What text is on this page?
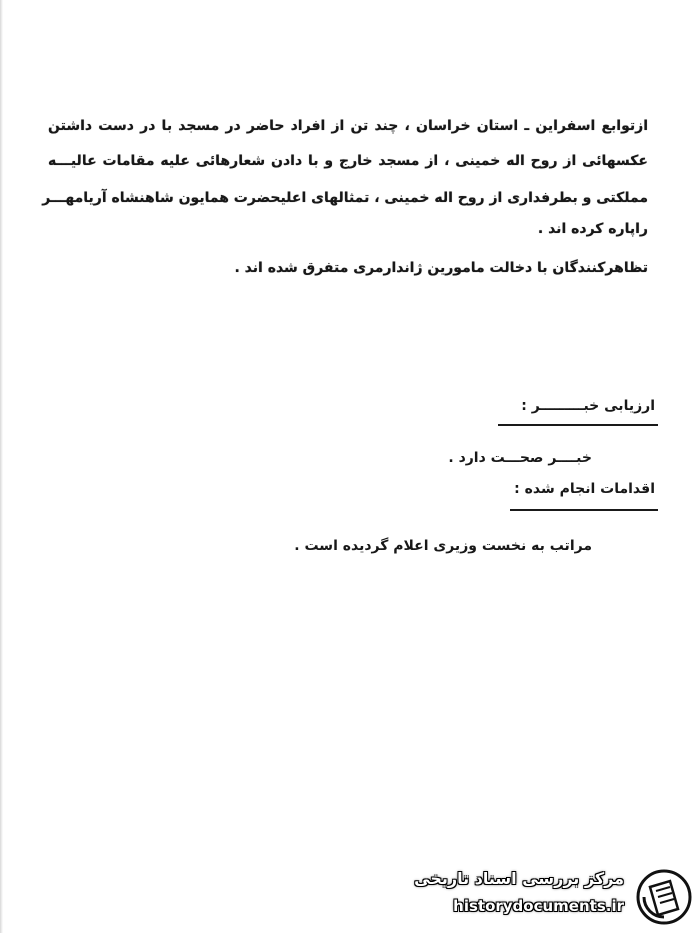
ازتوابع اسفراین ـ استان خراسان ، چند تن از افراد حاضر در مسجد با در دست داشتن
عکسهائی از روح اله خمینی ، از مسجد خارج و با دادن شعارهائی علیه مقامات عالیـــه
مملکتی و بطرفداری از روح اله خمینی ، تمثالهای اعلیحضرت همایون شاهنشاه آریامهـــر
راپاره کرده اند .
تظاهرکنندگان با دخالت مامورین ژاندارمری متفرق شده اند .
ارزیابی خبـــــــــر :
خبــــر صحـــت دارد .
اقدامات انجام شده :
مراتب به نخست وزیری اعلام گردیده است .
مرکز بررسی اسناد تاریخی
historydocuments.ir
